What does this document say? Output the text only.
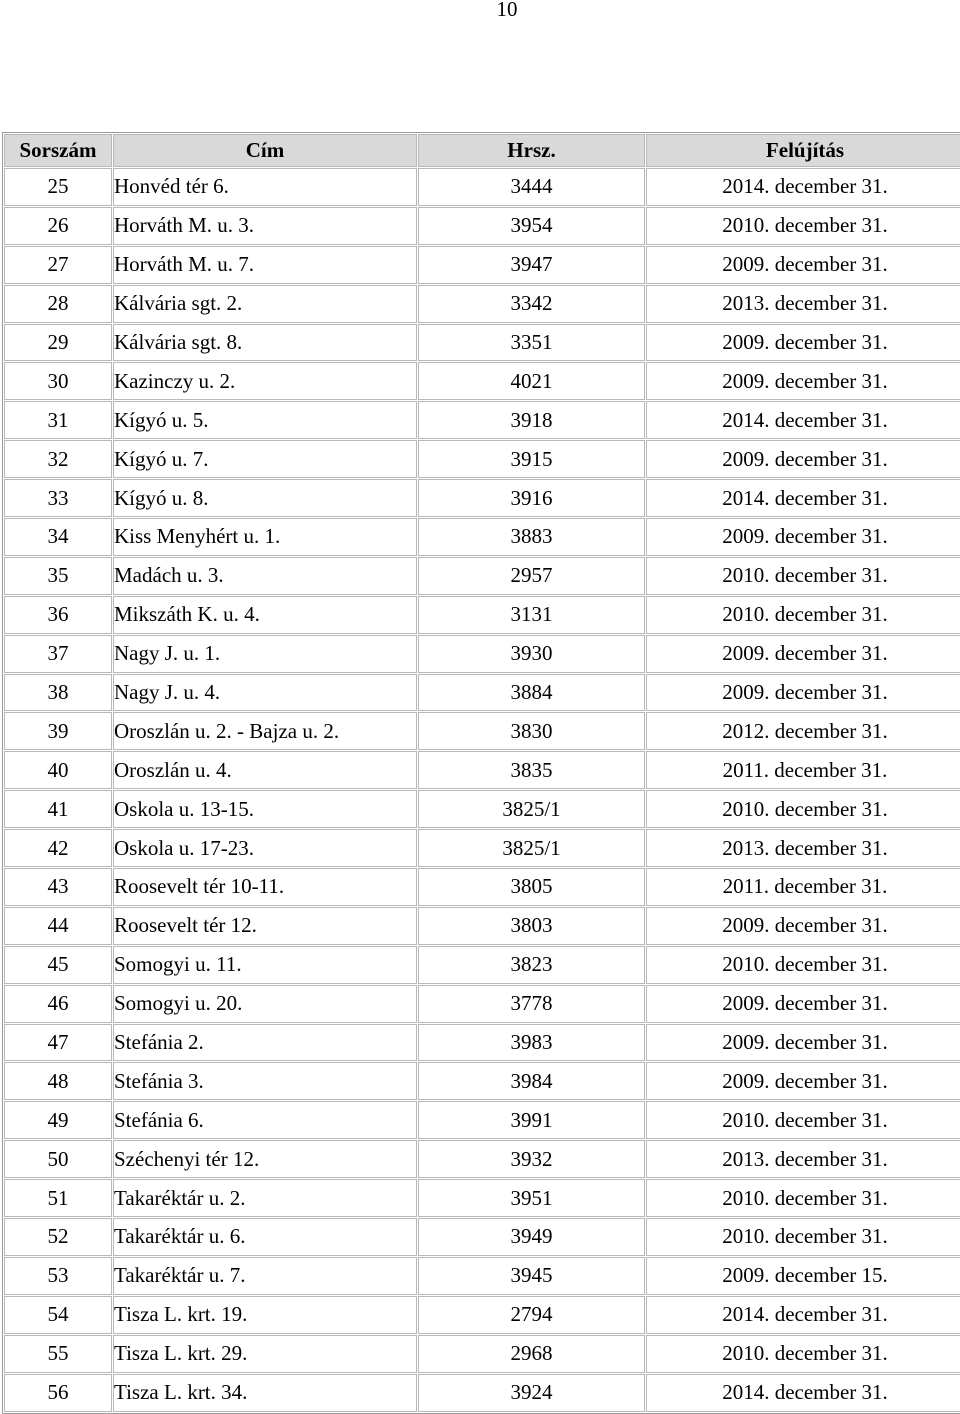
10
Sorszám	Cím	Hrsz.	Felújítás
25	Honvéd tér 6.	3444	2014. december 31.
26	Horváth M. u. 3.	3954	2010. december 31.
27	Horváth M. u. 7.	3947	2009. december 31.
28	Kálvária sgt. 2.	3342	2013. december 31.
29	Kálvária sgt. 8.	3351	2009. december 31.
30	Kazinczy u. 2.	4021	2009. december 31.
31	Kígyó u. 5.	3918	2014. december 31.
32	Kígyó u. 7.	3915	2009. december 31.
33	Kígyó u. 8.	3916	2014. december 31.
34	Kiss Menyhért u. 1.	3883	2009. december 31.
35	Madách u. 3.	2957	2010. december 31.
36	Mikszáth K. u. 4.	3131	2010. december 31.
37	Nagy J. u. 1.	3930	2009. december 31.
38	Nagy J. u. 4.	3884	2009. december 31.
39	Oroszlán u. 2. - Bajza u. 2.	3830	2012. december 31.
40	Oroszlán u. 4.	3835	2011. december 31.
41	Oskola u. 13-15.	3825/1	2010. december 31.
42	Oskola u. 17-23.	3825/1	2013. december 31.
43	Roosevelt tér 10-11.	3805	2011. december 31.
44	Roosevelt tér 12.	3803	2009. december 31.
45	Somogyi u. 11.	3823	2010. december 31.
46	Somogyi u. 20.	3778	2009. december 31.
47	Stefánia 2.	3983	2009. december 31.
48	Stefánia 3.	3984	2009. december 31.
49	Stefánia 6.	3991	2010. december 31.
50	Széchenyi tér 12.	3932	2013. december 31.
51	Takaréktár u. 2.	3951	2010. december 31.
52	Takaréktár u. 6.	3949	2010. december 31.
53	Takaréktár u. 7.	3945	2009. december 15.
54	Tisza L. krt. 19.	2794	2014. december 31.
55	Tisza L. krt. 29.	2968	2010. december 31.
56	Tisza L. krt. 34.	3924	2014. december 31.
